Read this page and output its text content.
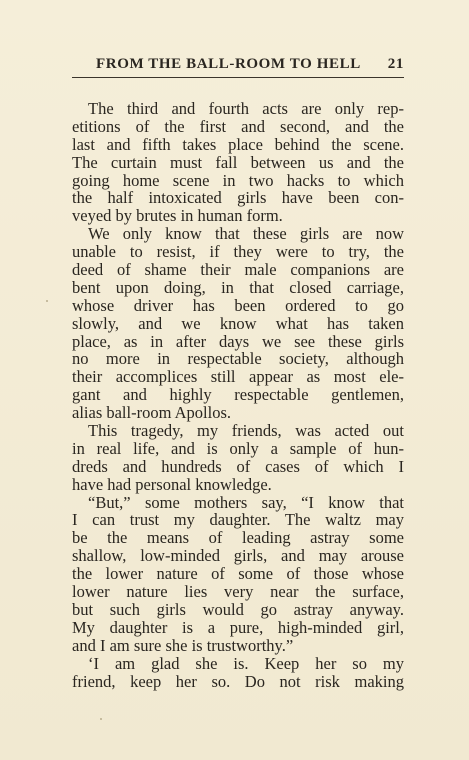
FROM THE BALL-ROOM TO HELL 21
The third and fourth acts are only rep-
etitions of the first and second, and the
last and fifth takes place behind the scene.
The curtain must fall between us and the
going home scene in two hacks to which
the half intoxicated girls have been con-
veyed by brutes in human form.
We only know that these girls are now
unable to resist, if they were to try, the
deed of shame their male companions are
bent upon doing, in that closed carriage,
whose driver has been ordered to go
slowly, and we know what has taken
place, as in after days we see these girls
no more in respectable society, although
their accomplices still appear as most ele-
gant and highly respectable gentlemen,
alias ball-room Apollos.
This tragedy, my friends, was acted out
in real life, and is only a sample of hun-
dreds and hundreds of cases of which I
have had personal knowledge.
“But,” some mothers say, “I know that
I can trust my daughter. The waltz may
be the means of leading astray some
shallow, low-minded girls, and may arouse
the lower nature of some of those whose
lower nature lies very near the surface,
but such girls would go astray anyway.
My daughter is a pure, high-minded girl,
and I am sure she is trustworthy.”
‘I am glad she is. Keep her so my
friend, keep her so. Do not risk making
